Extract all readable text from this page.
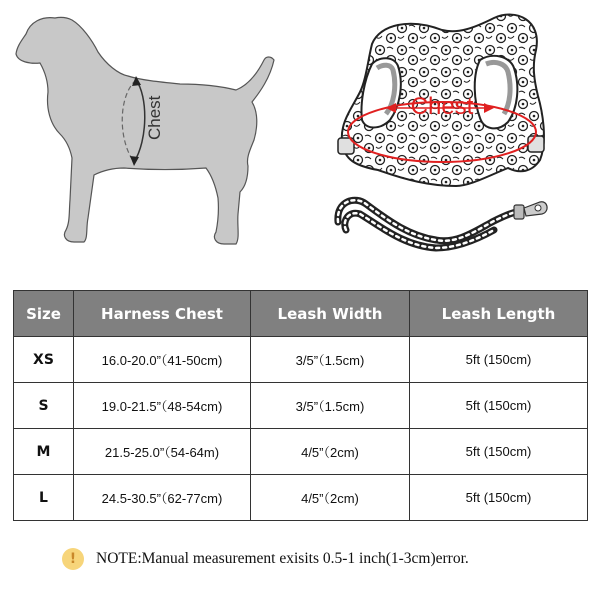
Chest	Chest
Size	Harness Chest	Leash Width	Leash Length
XS	16.0-20.0”（41-50cm)	3/5”（1.5cm)	5ft (150cm)
S	19.0-21.5”（48-54cm)	3/5”（1.5cm)	5ft (150cm)
M	21.5-25.0”（54-64m)	4/5”（2cm)	5ft (150cm)
L	24.5-30.5”（62-77cm)	4/5”（2cm)	5ft (150cm)
!	NOTE:Manual measurement exisits 0.5-1 inch(1-3cm)error.
